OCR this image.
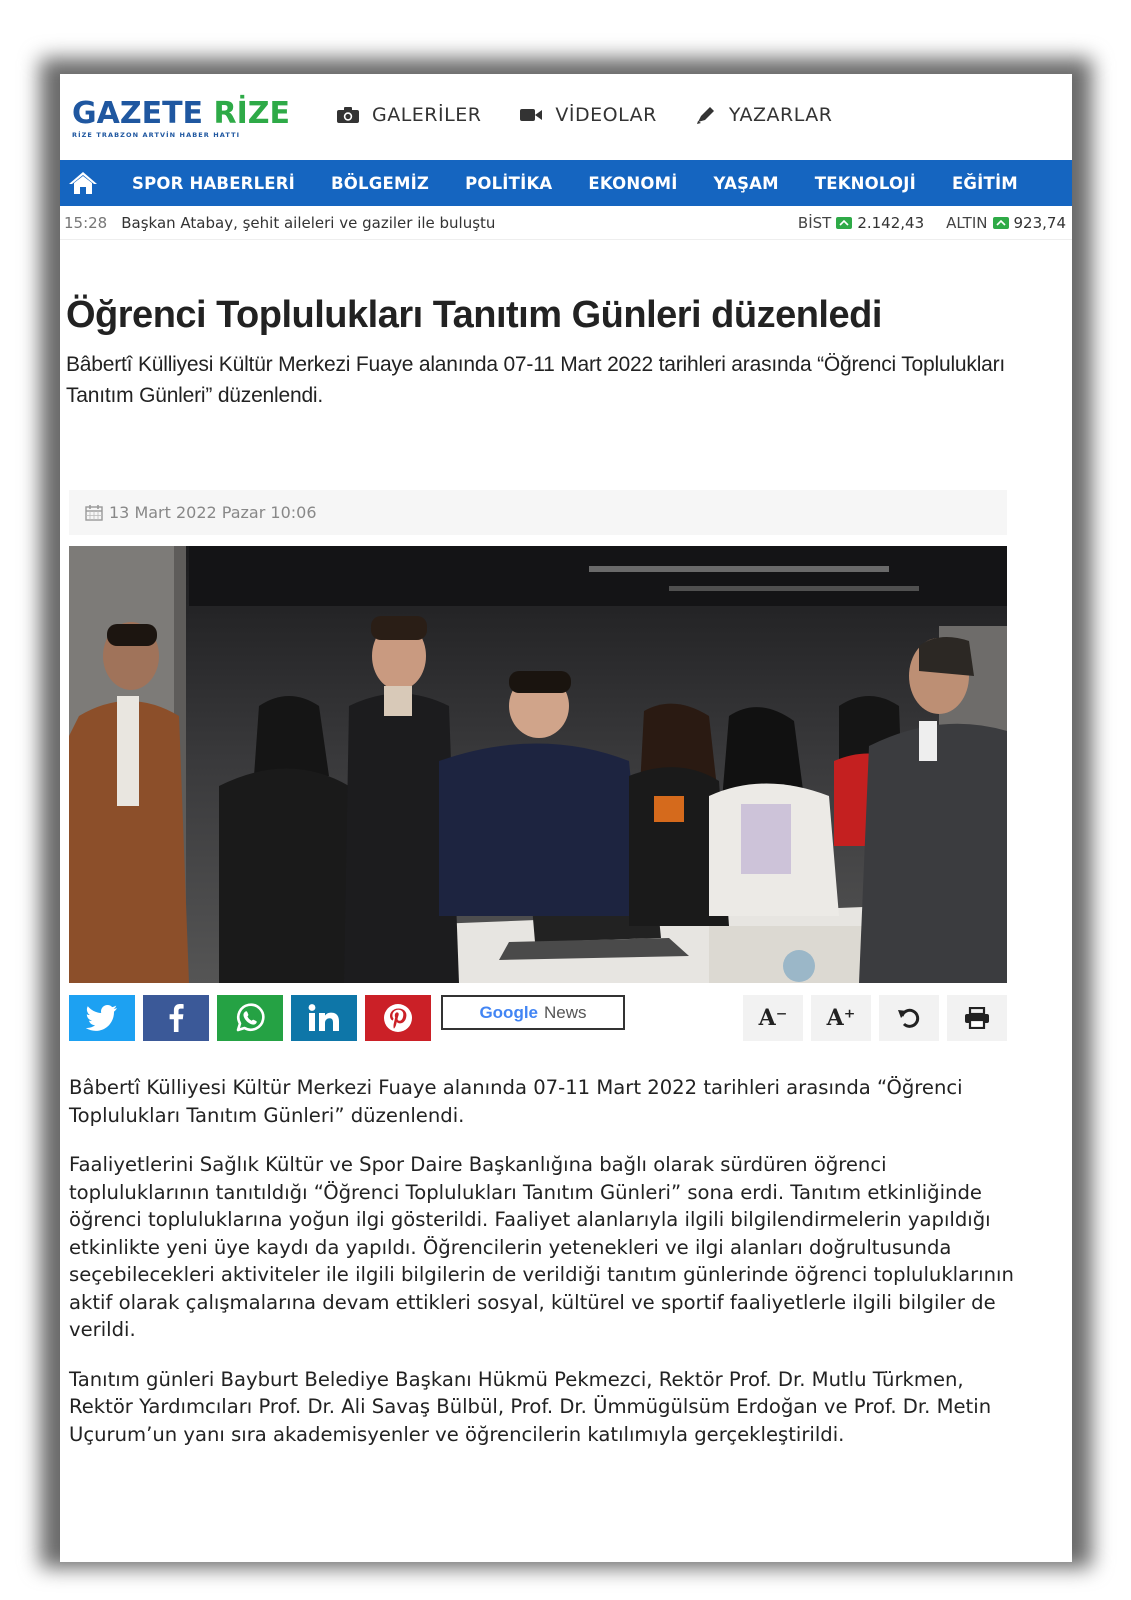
GAZETE RİZE
RİZE TRABZON ARTVİN HABER HATTI
GALERİLER	VİDEOLAR	YAZARLAR
SPOR HABERLERİ	BÖLGEMİZ	POLİTİKA	EKONOMİ	YAŞAM	TEKNOLOJİ	EĞİTİM
15:28 Başkan Atabay, şehit aileleri ve gaziler ile buluştu	BİST 2.142,43 ALTIN 923,74
Öğrenci Toplulukları Tanıtım Günleri düzenledi
Bâbertî Külliyesi Kültür Merkezi Fuaye alanında 07-11 Mart 2022 tarihleri arasında “Öğrenci Toplulukları Tanıtım Günleri” düzenlendi.
13 Mart 2022 Pazar 10:06
Google News	A⁻ A⁺

Bâbertî Külliyesi Kültür Merkezi Fuaye alanında 07-11 Mart 2022 tarihleri arasında “Öğrenci Toplulukları Tanıtım Günleri” düzenlendi.

Faaliyetlerini Sağlık Kültür ve Spor Daire Başkanlığına bağlı olarak sürdüren öğrenci topluluklarının tanıtıldığı “Öğrenci Toplulukları Tanıtım Günleri” sona erdi. Tanıtım etkinliğinde öğrenci topluluklarına yoğun ilgi gösterildi. Faaliyet alanlarıyla ilgili bilgilendirmelerin yapıldığı etkinlikte yeni üye kaydı da yapıldı. Öğrencilerin yetenekleri ve ilgi alanları doğrultusunda seçebilecekleri aktiviteler ile ilgili bilgilerin de verildiği tanıtım günlerinde öğrenci topluluklarının aktif olarak çalışmalarına devam ettikleri sosyal, kültürel ve sportif faaliyetlerle ilgili bilgiler de verildi.

Tanıtım günleri Bayburt Belediye Başkanı Hükmü Pekmezci, Rektör Prof. Dr. Mutlu Türkmen, Rektör Yardımcıları Prof. Dr. Ali Savaş Bülbül, Prof. Dr. Ümmügülsüm Erdoğan ve Prof. Dr. Metin Uçurum’un yanı sıra akademisyenler ve öğrencilerin katılımıyla gerçekleştirildi.
